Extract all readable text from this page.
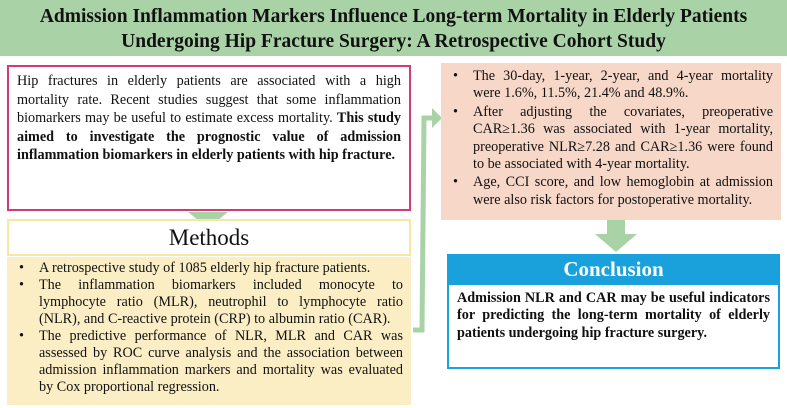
Admission Inflammation Markers Influence Long-term Mortality in Elderly Patients
Undergoing Hip Fracture Surgery: A Retrospective Cohort Study
Hip fractures in elderly patients are associated with a high mortality rate. Recent studies suggest that some inflammation biomarkers may be useful to estimate excess mortality. This study aimed to investigate the prognostic value of admission inflammation biomarkers in elderly patients with hip fracture.
Methods
• A retrospective study of 1085 elderly hip fracture patients.
• The inflammation biomarkers included monocyte to lymphocyte ratio (MLR), neutrophil to lymphocyte ratio (NLR), and C-reactive protein (CRP) to albumin ratio (CAR).
• The predictive performance of NLR, MLR and CAR was assessed by ROC curve analysis and the association between admission inflammation markers and mortality was evaluated by Cox proportional regression.
• The 30-day, 1-year, 2-year, and 4-year mortality were 1.6%, 11.5%, 21.4% and 48.9%.
• After adjusting the covariates, preoperative CAR≥1.36 was associated with 1-year mortality, preoperative NLR≥7.28 and CAR≥1.36 were found to be associated with 4-year mortality.
• Age, CCI score, and low hemoglobin at admission were also risk factors for postoperative mortality.
Conclusion
Admission NLR and CAR may be useful indicators for predicting the long-term mortality of elderly patients undergoing hip fracture surgery.
